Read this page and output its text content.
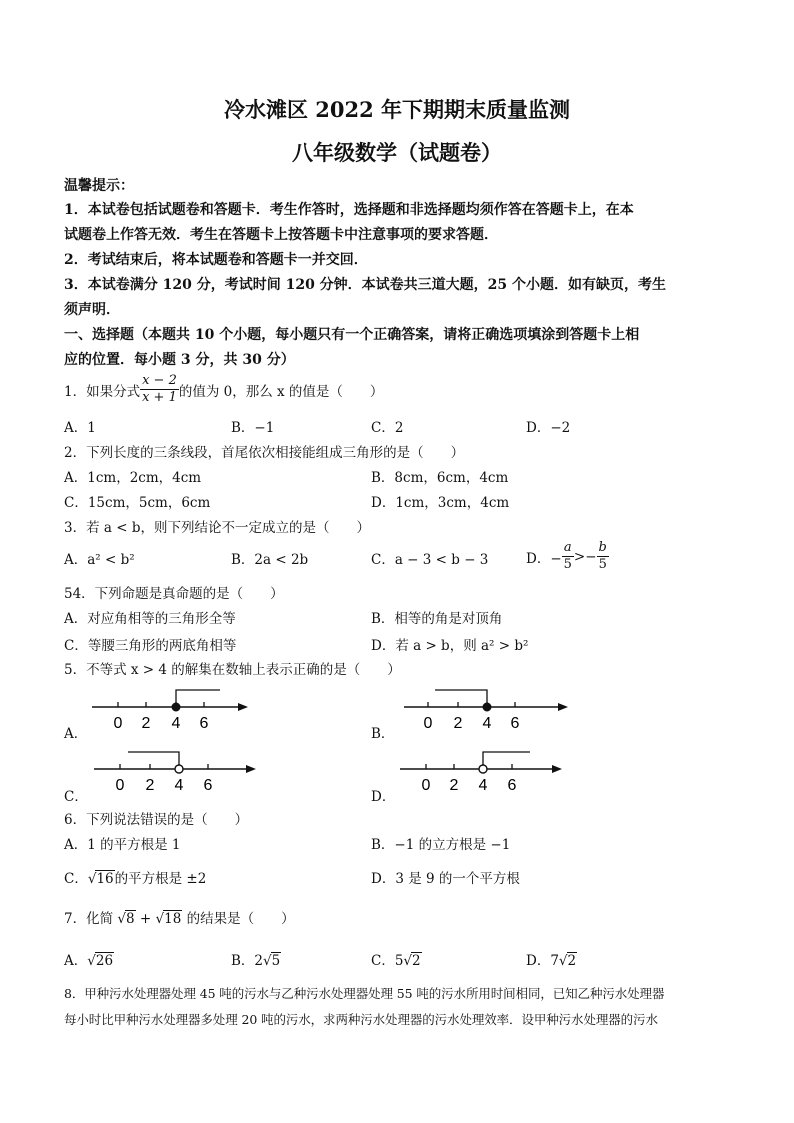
冷水滩区 2022 年下期期末质量监测
八年级数学（试题卷）
温馨提示：
1．本试卷包括试题卷和答题卡．考生作答时，选择题和非选择题均须作答在答题卡上，在本
试题卷上作答无效．考生在答题卡上按答题卡中注意事项的要求答题．
2．考试结束后，将本试题卷和答题卡一并交回．
3．本试卷满分 120 分，考试时间 120 分钟．本试卷共三道大题，25 个小题．如有缺页，考生
须声明．
一、选择题（本题共 10 个小题，每小题只有一个正确答案，请将正确选项填涂到答题卡上相
应的位置．每小题 3 分，共 30 分）
1．如果分式 $\frac{x - 2}{x + 1}$ 的值为 0，那么 x 的值是（　　）
A．1	B．−1	C．2	D．−2
2．下列长度的三条线段，首尾依次相接能组成三角形的是（　　）
A．1cm，2cm，4cm	B．8cm，6cm，4cm
C．15cm，5cm，6cm	D．1cm，3cm，4cm
3．若 a < b，则下列结论不一定成立的是（　　）
A．a² < b²	B．2a < 2b	C．a − 3 < b − 3	D．− $\frac{a}{5} >- \frac{b}{5}$
54．下列命题是真命题的是（　　）
A．对应角相等的三角形全等	B．相等的角是对顶角
C．等腰三角形的两底角相等	D．若 a > b，则 a² > b²
5．不等式 x > 4 的解集在数轴上表示正确的是（　　）
A．	B．
C．	D．
0 2 4 6	0 2 4 6
0 2 4 6	0 2 4 6
6．下列说法错误的是（　　）
A．1 的平方根是 1	B．−1 的立方根是 −1
C．√16的平方根是 ±2	D．3 是 9 的一个平方根
7．化简 √8 + √18 的结果是（　　）
A．√26	B．2√5	C．5√2	D．7√2
8．甲种污水处理器处理 45 吨的污水与乙种污水处理器处理 55 吨的污水所用时间相同，已知乙种污水处理器
每小时比甲种污水处理器多处理 20 吨的污水，求两种污水处理器的污水处理效率．设甲种污水处理器的污水
